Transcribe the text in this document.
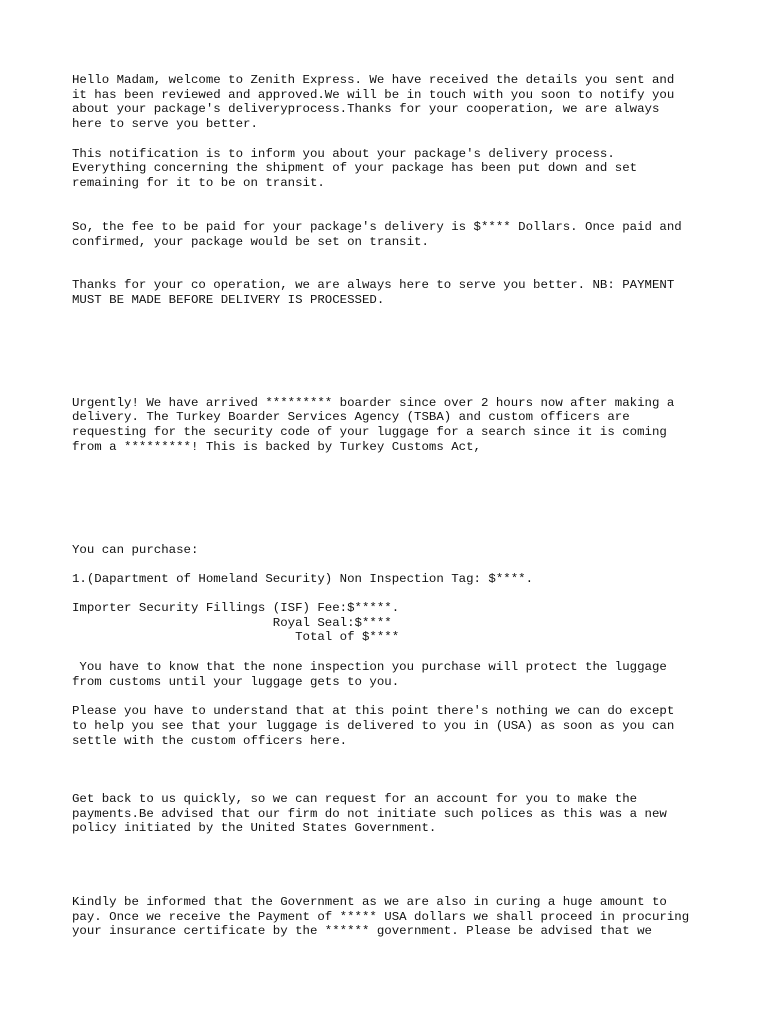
Hello Madam, welcome to Zenith Express. We have received the details you sent and

it has been reviewed and approved.We will be in touch with you soon to notify you

about your package's deliveryprocess.Thanks for your cooperation, we are always

here to serve you better.

This notification is to inform you about your package's delivery process.

Everything concerning the shipment of your package has been put down and set

remaining for it to be on transit.

So, the fee to be paid for your package's delivery is $**** Dollars. Once paid and

confirmed, your package would be set on transit.

Thanks for your co operation, we are always here to serve you better. NB: PAYMENT

MUST BE MADE BEFORE DELIVERY IS PROCESSED.

Urgently! We have arrived ********* boarder since over 2 hours now after making a

delivery. The Turkey Boarder Services Agency (TSBA) and custom officers are

requesting for the security code of your luggage for a search since it is coming

from a *********! This is backed by Turkey Customs Act,

You can purchase:

1.(Dapartment of Homeland Security) Non Inspection Tag: $****.

Importer Security Fillings (ISF) Fee:$*****.

Royal Seal:$****

Total of $****

You have to know that the none inspection you purchase will protect the luggage

from customs until your luggage gets to you.

Please you have to understand that at this point there's nothing we can do except

to help you see that your luggage is delivered to you in (USA) as soon as you can

settle with the custom officers here.

Get back to us quickly, so we can request for an account for you to make the

payments.Be advised that our firm do not initiate such polices as this was a new

policy initiated by the United States Government.

Kindly be informed that the Government as we are also in curing a huge amount to

pay. Once we receive the Payment of ***** USA dollars we shall proceed in procuring

your insurance certificate by the ****** government. Please be advised that we
